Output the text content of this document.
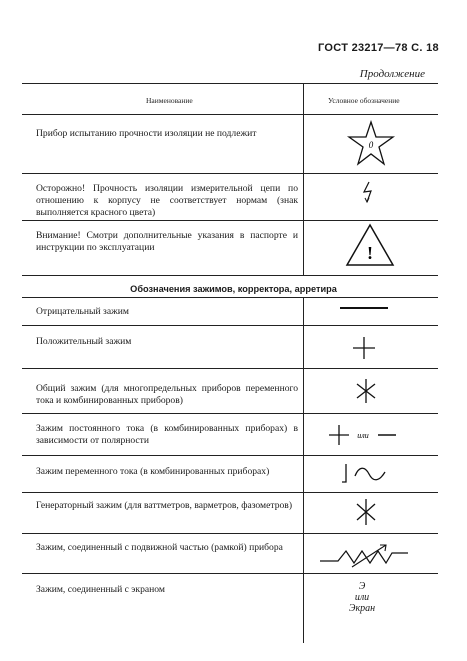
ГОСТ 23217—78 С. 18
Продолжение
Наименование	Условное обозначение
Прибор испытанию прочности изоляции не подлежит
Осторожно! Прочность изоляции измерительной цепи по отношению к корпусу не соответствует нормам (знак выполняется красного цвета)
Внимание! Смотри дополнительные указания в паспорте и инструкции по эксплуатации
0
!
Обозначения зажимов, корректора, арретира
Отрицательный зажим
Положительный зажим
Общий зажим (для многопредельных приборов переменного тока и комбинированных приборов)
Зажим постоянного тока (в комбинированных приборах) в зависимости от полярности
Зажим переменного тока (в комбинированных приборах)
Генераторный зажим (для ваттметров, варметров, фазометров)
Зажим, соединенный с подвижной частью (рамкой) прибора
Зажим, соединенный с экраном
или
Э
или
Экран
